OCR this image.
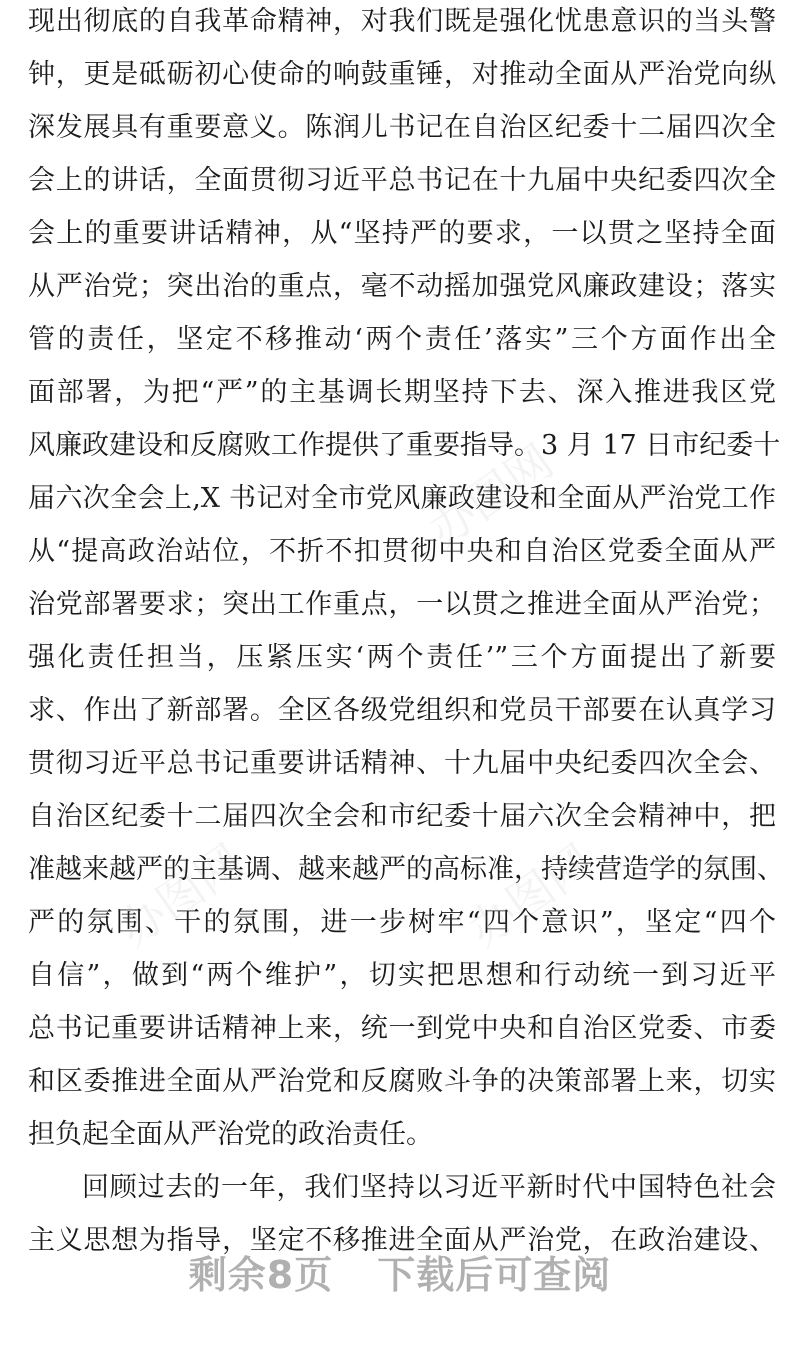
现出彻底的自我革命精神，对我们既是强化忧患意识的当头警
钟，更是砥砺初心使命的响鼓重锤，对推动全面从严治党向纵
深发展具有重要意义。陈润儿书记在自治区纪委十二届四次全
会上的讲话，全面贯彻习近平总书记在十九届中央纪委四次全
会上的重要讲话精神，从“坚持严的要求，一以贯之坚持全面
从严治党；突出治的重点，毫不动摇加强党风廉政建设；落实
管的责任，坚定不移推动‘两个责任’落实”三个方面作出全
面部署，为把“严”的主基调长期坚持下去、深入推进我区党
风廉政建设和反腐败工作提供了重要指导。3 月 17 日市纪委十
届六次全会上,X 书记对全市党风廉政建设和全面从严治党工作
从“提高政治站位，不折不扣贯彻中央和自治区党委全面从严
治党部署要求；突出工作重点，一以贯之推进全面从严治党；
强化责任担当，压紧压实‘两个责任’”三个方面提出了新要
求、作出了新部署。全区各级党组织和党员干部要在认真学习
贯彻习近平总书记重要讲话精神、十九届中央纪委四次全会、
自治区纪委十二届四次全会和市纪委十届六次全会精神中，把
准越来越严的主基调、越来越严的高标准，持续营造学的氛围、
严的氛围、干的氛围，进一步树牢“四个意识”，坚定“四个
自信”，做到“两个维护”，切实把思想和行动统一到习近平
总书记重要讲话精神上来，统一到党中央和自治区党委、市委
和区委推进全面从严治党和反腐败斗争的决策部署上来，切实
担负起全面从严治党的政治责任。
回顾过去的一年，我们坚持以习近平新时代中国特色社会
主义思想为指导，坚定不移推进全面从严治党，在政治建设、
办图网
办图网	办图网
剩余8页 下载后可查阅
